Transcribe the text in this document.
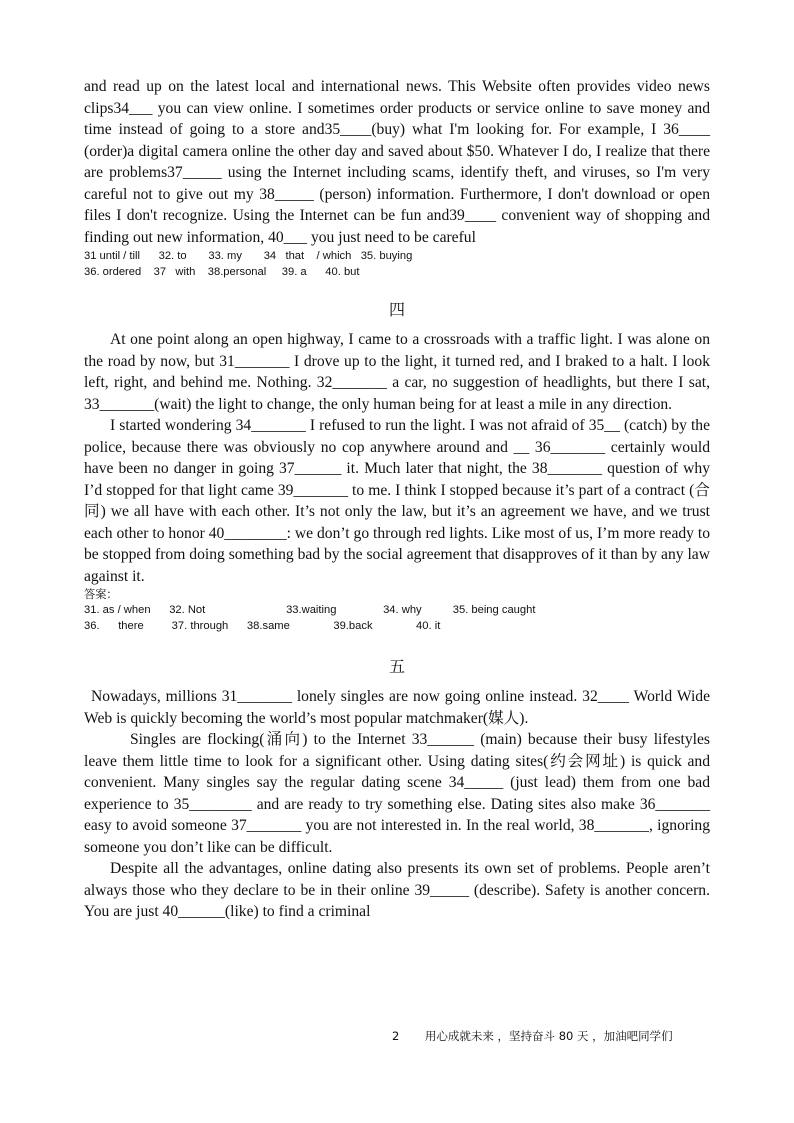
and read up on the latest local and international news. This Website often provides video news clips34___ you can view online. I sometimes order products or service online to save money and time instead of going to a store and35____(buy) what I'm looking for. For example, I 36____ (order)a digital camera online the other day and saved about $50. Whatever I do, I realize that there are problems37_____ using the Internet including scams, identify theft, and viruses, so I'm very careful not to give out my 38_____ (person) information. Furthermore, I don't download or open files I don't recognize. Using the Internet can be fun and39____ convenient way of shopping and finding out new information, 40___ you just need to be careful

31 until / till      32. to       33. my       34   that    / which   35. buying

36. ordered    37   with    38.personal     39. a      40. but

四

At one point along an open highway, I came to a crossroads with a traffic light. I was alone on the road by now, but 31_______ I drove up to the light, it turned red, and I braked to a halt. I look left, right, and behind me. Nothing. 32_______ a car, no suggestion of headlights, but there I sat, 33_______(wait) the light to change, the only human being for at least a mile in any direction.

I started wondering 34_______ I refused to run the light. I was not afraid of 35__ (catch) by the police, because there was obviously no cop anywhere around and __ 36_______ certainly would have been no danger in going 37______ it. Much later that night, the 38_______ question of why I’d stopped for that light came 39_______ to me. I think I stopped because it’s part of a contract (合同) we all have with each other. It’s not only the law, but it’s an agreement we have, and we trust each other to honor 40________: we don’t go through red lights. Like most of us, I’m more ready to be stopped from doing something bad by the social agreement that disapproves of it than by any law against it.

答案：

31. as / when      32. Not                          33.waiting               34. why          35. being caught

36.      there         37. through      38.same              39.back              40. it

五

Nowadays, millions 31_______ lonely singles are now going online instead. 32____ World Wide Web is quickly becoming the world’s most popular matchmaker(媒人).

Singles are flocking(涌向) to the Internet 33______ (main) because their busy lifestyles leave them little time to look for a significant other. Using dating sites(约会网址) is quick and convenient. Many singles say the regular dating scene 34_____ (just lead) them from one bad experience to 35________ and are ready to try something else. Dating sites also make 36_______ easy to avoid someone 37_______ you are not interested in. In the real world, 38_______, ignoring someone you don’t like can be difficult.

Despite all the advantages, online dating also presents its own set of problems. People aren’t always those who they declare to be in their online 39_____ (describe). Safety is another concern. You are just 40______(like) to find a criminal

2       用心成就未来 ，坚持奋斗 80 天 ，加油吧同学们
